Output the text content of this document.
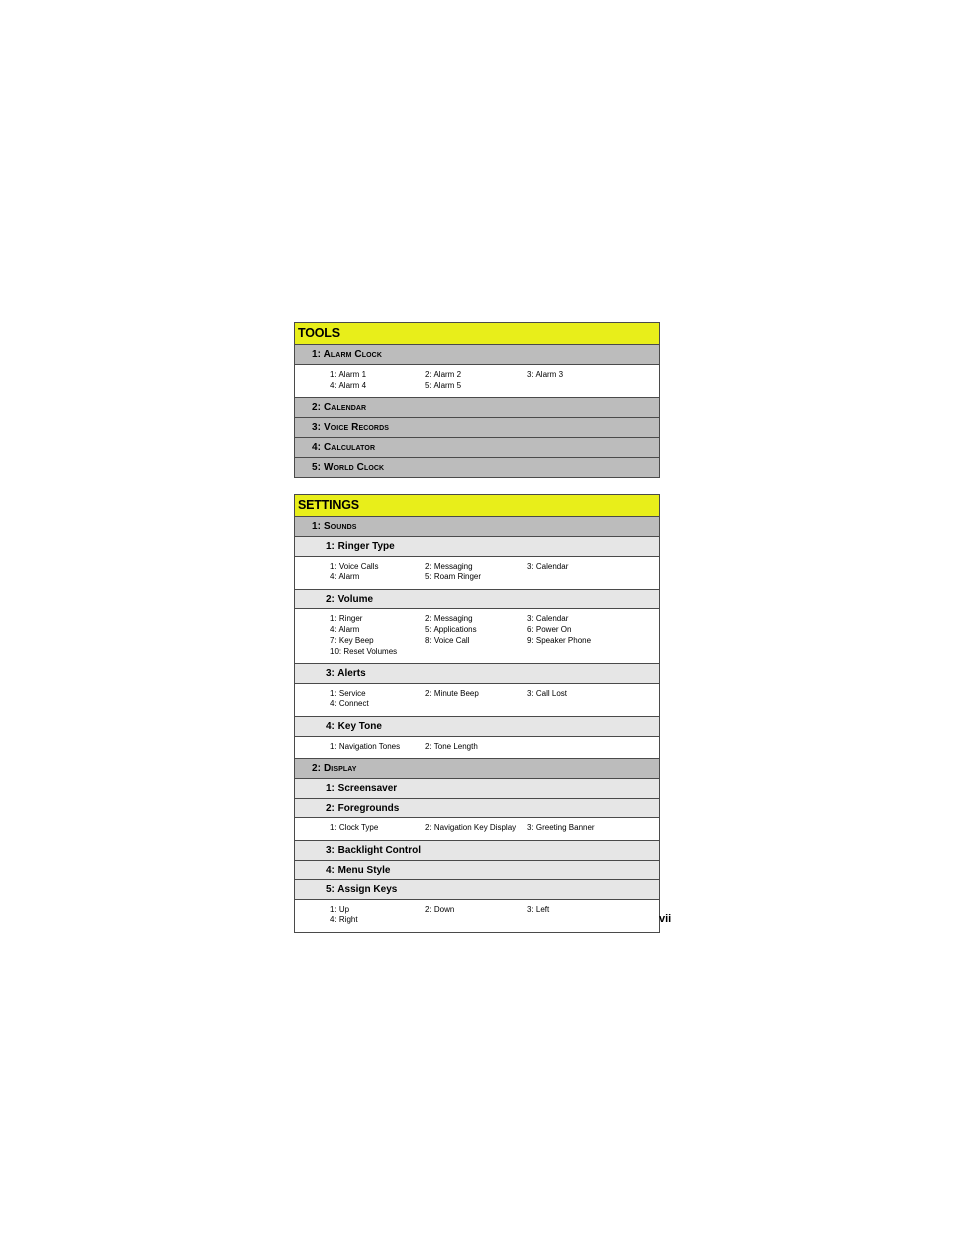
TOOLS
1: Alarm Clock
1: Alarm 1	2: Alarm 2	3: Alarm 3
4: Alarm 4	5: Alarm 5
2: Calendar
3: Voice Records
4: Calculator
5: World Clock
SETTINGS
1: Sounds
1: Ringer Type
1: Voice Calls	2: Messaging	3: Calendar
4: Alarm	5: Roam Ringer
2: Volume
1: Ringer	2: Messaging	3: Calendar
4: Alarm	5: Applications	6: Power On
7: Key Beep	8: Voice Call	9: Speaker Phone
10: Reset Volumes
3: Alerts
1: Service	2: Minute Beep	3: Call Lost
4: Connect
4: Key Tone
1: Navigation Tones	2: Tone Length
2: Display
1: Screensaver
2: Foregrounds
1: Clock Type	2: Navigation Key Display	3: Greeting Banner
3: Backlight Control
4: Menu Style
5: Assign Keys
1: Up	2: Down	3: Left
4: Right	vii
